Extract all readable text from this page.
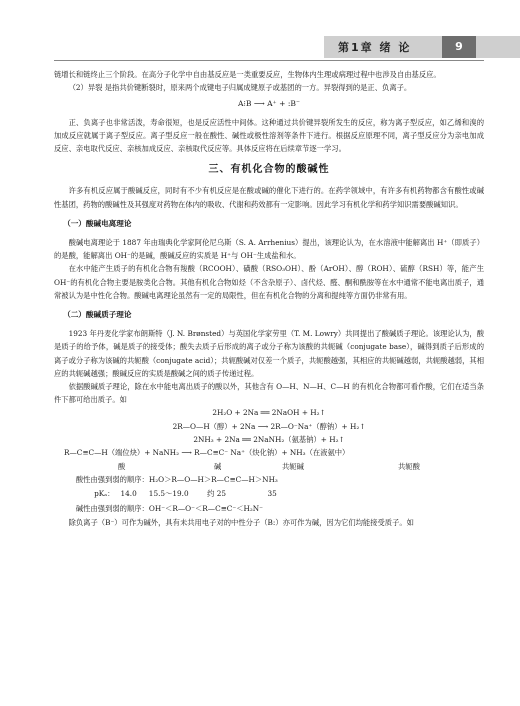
第1章 绪 论	9

链增长和链终止三个阶段。在高分子化学中自由基反应是一类重要反应，生物体内生理或病理过程中也涉及自由基反应。

（2）异裂 是指共价键断裂时，原来两个成键电子归属成键原子或基团的一方。异裂得到的是正、负离子。

A⁝B ⟶ A⁺ + :B⁻

正、负离子也非常活泼，寿命很短，也是反应活性中间体。这种通过共价键异裂所发生的反应，称为离子型反应，如乙烯和溴的加成反应就属于离子型反应。离子型反应一般在酸性、碱性或极性溶剂等条件下进行。根据反应原理不同，离子型反应分为亲电加成反应、亲电取代反应、亲核加成反应、亲核取代反应等。具体反应将在后续章节逐一学习。

三、有机化合物的酸碱性

许多有机反应属于酸碱反应，同时有不少有机反应是在酸或碱的催化下进行的。在药学领域中，有许多有机药物都含有酸性或碱性基团，药物的酸碱性及其强度对药物在体内的吸收、代谢和药效都有一定影响。因此学习有机化学和药学知识需要酸碱知识。

（一）酸碱电离理论

酸碱电离理论于 1887 年由瑞典化学家阿伦尼乌斯（S. A. Arrhenius）提出，该理论认为，在水溶液中能解离出 H⁺（即质子）的是酸，能解离出 OH⁻的是碱，酸碱反应的实质是 H⁺与 OH⁻生成盐和水。

在水中能产生质子的有机化合物有羧酸（RCOOH）、磺酸（RSO₃OH）、酚（ArOH）、醇（ROH）、硫醇（RSH）等，能产生 OH⁻的有机化合物主要是胺类化合物。其他有机化合物如烃（不含杂原子）、卤代烃、醛、酮和酰胺等在水中通常不能电离出质子，通常被认为是中性化合物。酸碱电离理论虽然有一定的局限性，但在有机化合物的分离和提纯等方面仍非常有用。

（二）酸碱质子理论

1923 年丹麦化学家布朗斯特（J. N. Brønsted）与英国化学家劳里（T. M. Lowry）共同提出了酸碱质子理论。该理论认为，酸是质子的给予体，碱是质子的接受体；酸失去质子后形成的离子或分子称为该酸的共轭碱（conjugate base），碱得到质子后形成的离子或分子称为该碱的共轭酸（conjugate acid）；共轭酸碱对仅差一个质子，共轭酸越强，其相应的共轭碱越弱，共轭酸越弱，其相应的共轭碱越强；酸碱反应的实质是酸碱之间的质子传递过程。

依据酸碱质子理论，除在水中能电离出质子的酸以外，其他含有 O—H、N—H、C—H 的有机化合物都可看作酸，它们在适当条件下都可给出质子。如

2H₂O + 2Na ══ 2NaOH + H₂↑

2R—O—H（醇）+ 2Na ⟶ 2R—O⁻Na⁺（醇钠）+ H₂↑

2NH₃ + 2Na ══ 2NaNH₂（氨基钠）+ H₂↑

R—C≡C—H（端位炔）+ NaNH₂ ⟶ R—C≡C⁻ Na⁺（炔化钠）+ NH₃（在液氨中）

酸	碱	共轭碱	共轭酸

酸性由强到弱的顺序：H₂O＞R—O—H＞R—C≡C—H＞NH₃

pKₐ： 14.0 15.5～19.0	约 25	35

碱性由强到弱的顺序：OH⁻＜R—O⁻＜R—C≡C⁻＜H₂N⁻

除负离子（B⁻）可作为碱外，具有未共用电子对的中性分子（B:）亦可作为碱，因为它们均能接受质子。如
